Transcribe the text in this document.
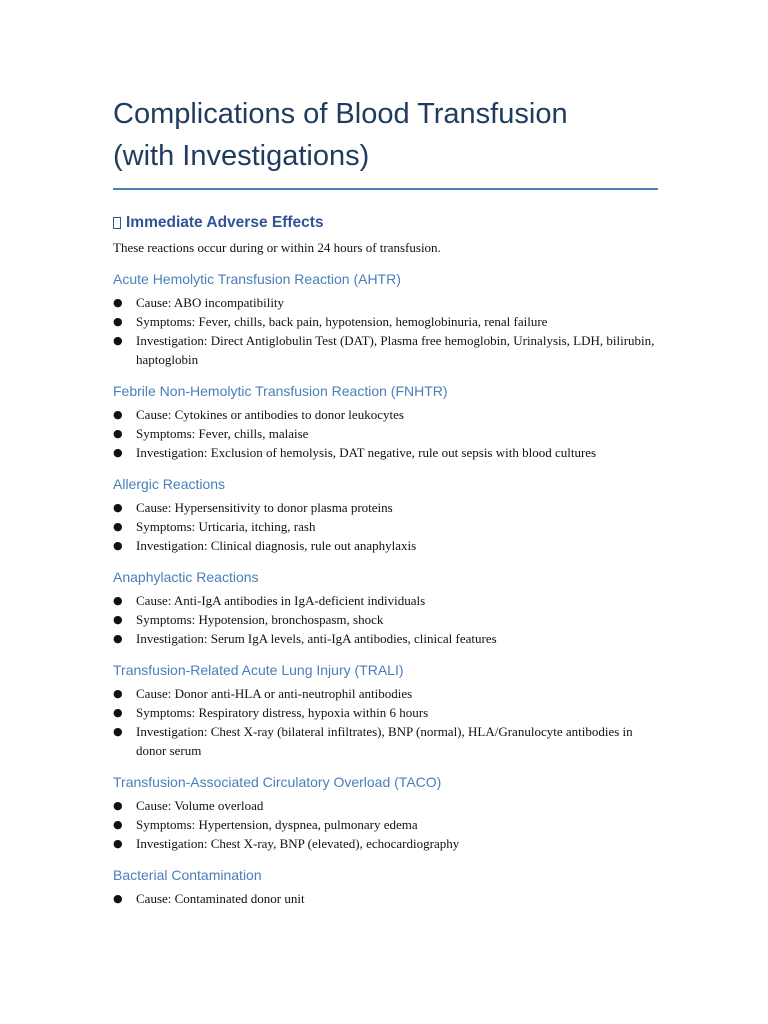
Complications of Blood Transfusion
(with Investigations)
Immediate Adverse Effects

These reactions occur during or within 24 hours of transfusion.

Acute Hemolytic Transfusion Reaction (AHTR)
● Cause: ABO incompatibility
● Symptoms: Fever, chills, back pain, hypotension, hemoglobinuria, renal failure
● Investigation: Direct Antiglobulin Test (DAT), Plasma free hemoglobin, Urinalysis, LDH, bilirubin, haptoglobin
Febrile Non-Hemolytic Transfusion Reaction (FNHTR)
● Cause: Cytokines or antibodies to donor leukocytes
● Symptoms: Fever, chills, malaise
● Investigation: Exclusion of hemolysis, DAT negative, rule out sepsis with blood cultures
Allergic Reactions
● Cause: Hypersensitivity to donor plasma proteins
● Symptoms: Urticaria, itching, rash
● Investigation: Clinical diagnosis, rule out anaphylaxis
Anaphylactic Reactions
● Cause: Anti-IgA antibodies in IgA-deficient individuals
● Symptoms: Hypotension, bronchospasm, shock
● Investigation: Serum IgA levels, anti-IgA antibodies, clinical features
Transfusion-Related Acute Lung Injury (TRALI)
● Cause: Donor anti-HLA or anti-neutrophil antibodies
● Symptoms: Respiratory distress, hypoxia within 6 hours
● Investigation: Chest X-ray (bilateral infiltrates), BNP (normal), HLA/Granulocyte antibodies in donor serum
Transfusion-Associated Circulatory Overload (TACO)
● Cause: Volume overload
● Symptoms: Hypertension, dyspnea, pulmonary edema
● Investigation: Chest X-ray, BNP (elevated), echocardiography
Bacterial Contamination
● Cause: Contaminated donor unit
